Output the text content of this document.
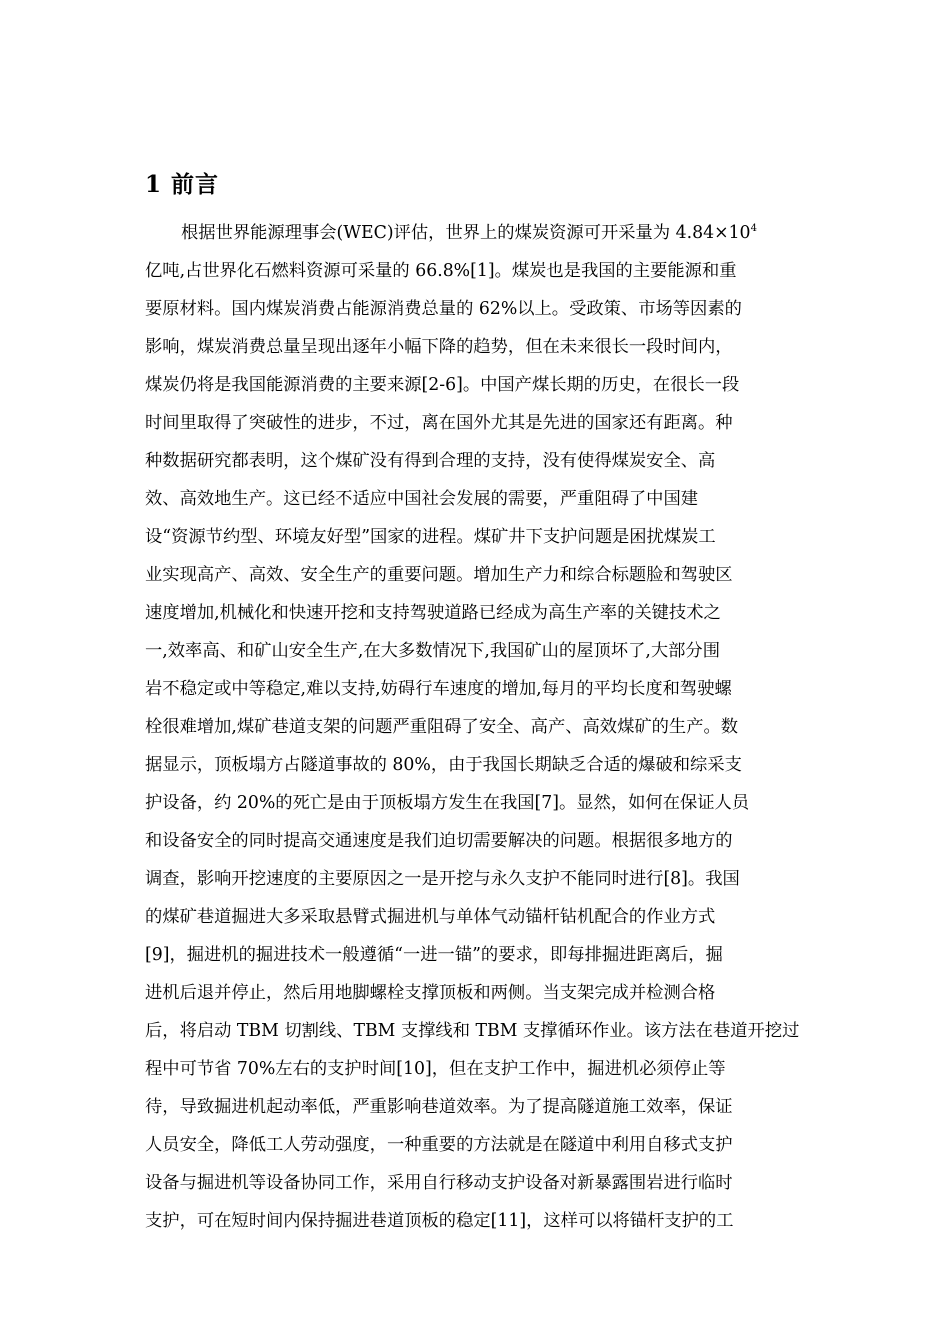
1 前言
根据世界能源理事会(WEC)评估，世界上的煤炭资源可开采量为 $4.84\times 10^4$
亿吨,占世界化石燃料资源可采量的 66.8%[1]。煤炭也是我国的主要能源和重
要原材料。国内煤炭消费占能源消费总量的 62%以上。受政策、市场等因素的
影响，煤炭消费总量呈现出逐年小幅下降的趋势，但在未来很长一段时间内，
煤炭仍将是我国能源消费的主要来源[2-6]。中国产煤长期的历史，在很长一段
时间里取得了突破性的进步，不过，离在国外尤其是先进的国家还有距离。种
种数据研究都表明，这个煤矿没有得到合理的支持，没有使得煤炭安全、高
效、高效地生产。这已经不适应中国社会发展的需要，严重阻碍了中国建
设“资源节约型、环境友好型”国家的进程。煤矿井下支护问题是困扰煤炭工
业实现高产、高效、安全生产的重要问题。增加生产力和综合标题脸和驾驶区
速度增加,机械化和快速开挖和支持驾驶道路已经成为高生产率的关键技术之
一,效率高、和矿山安全生产,在大多数情况下,我国矿山的屋顶坏了,大部分围
岩不稳定或中等稳定,难以支持,妨碍行车速度的增加,每月的平均长度和驾驶螺
栓很难增加,煤矿巷道支架的问题严重阻碍了安全、高产、高效煤矿的生产。数
据显示，顶板塌方占隧道事故的 80%，由于我国长期缺乏合适的爆破和综采支
护设备，约 20%的死亡是由于顶板塌方发生在我国[7]。显然，如何在保证人员
和设备安全的同时提高交通速度是我们迫切需要解决的问题。根据很多地方的
调查，影响开挖速度的主要原因之一是开挖与永久支护不能同时进行[8]。我国
的煤矿巷道掘进大多采取悬臂式掘进机与单体气动锚杆钻机配合的作业方式
[9]，掘进机的掘进技术一般遵循“一进一锚”的要求，即每排掘进距离后，掘
进机后退并停止，然后用地脚螺栓支撑顶板和两侧。当支架完成并检测合格
后，将启动 TBM 切割线、TBM 支撑线和 TBM 支撑循环作业。该方法在巷道开挖过
程中可节省 70%左右的支护时间[10]，但在支护工作中，掘进机必须停止等
待，导致掘进机起动率低，严重影响巷道效率。为了提高隧道施工效率，保证
人员安全，降低工人劳动强度，一种重要的方法就是在隧道中利用自移式支护
设备与掘进机等设备协同工作，采用自行移动支护设备对新暴露围岩进行临时
支护，可在短时间内保持掘进巷道顶板的稳定[11]，这样可以将锚杆支护的工
